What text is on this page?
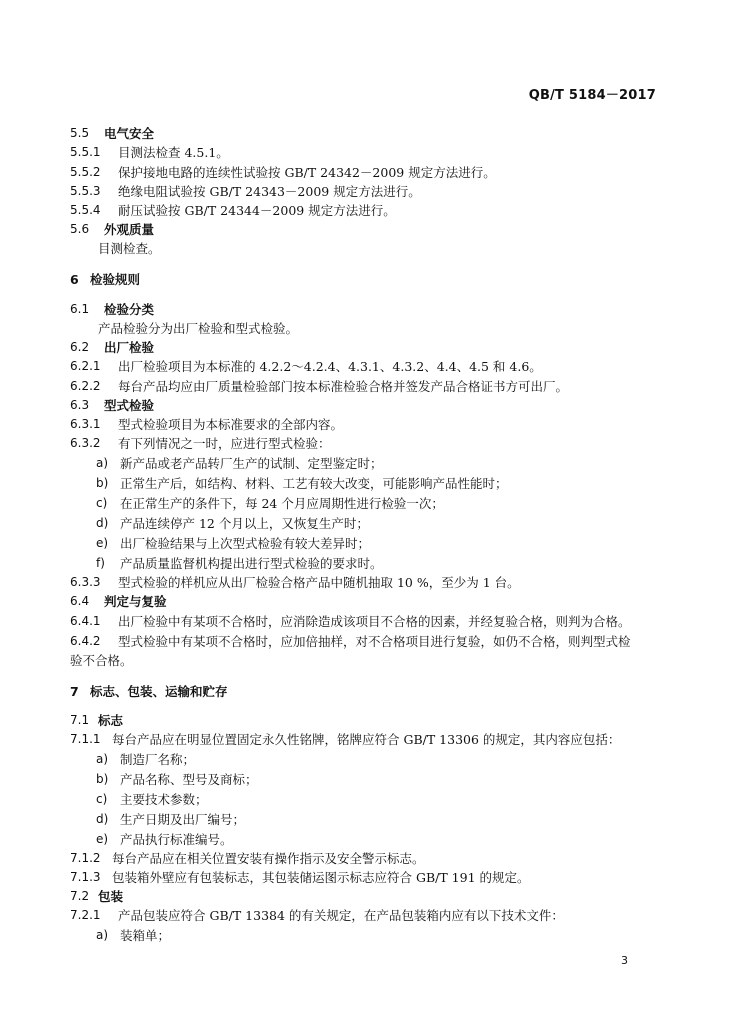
QB/T 5184－2017
5.5 电气安全
5.5.1 目测法检查 4.5.1。
5.5.2 保护接地电路的连续性试验按 GB/T 24342－2009 规定方法进行。
5.5.3 绝缘电阻试验按 GB/T 24343－2009 规定方法进行。
5.5.4 耐压试验按 GB/T 24344－2009 规定方法进行。
5.6 外观质量
目测检查。
6 检验规则
6.1 检验分类
产品检验分为出厂检验和型式检验。
6.2 出厂检验
6.2.1 出厂检验项目为本标准的 4.2.2～4.2.4、4.3.1、4.3.2、4.4、4.5 和 4.6。
6.2.2 每台产品均应由厂质量检验部门按本标准检验合格并签发产品合格证书方可出厂。
6.3 型式检验
6.3.1 型式检验项目为本标准要求的全部内容。
6.3.2 有下列情况之一时，应进行型式检验：
a) 新产品或老产品转厂生产的试制、定型鉴定时；
b) 正常生产后，如结构、材料、工艺有较大改变，可能影响产品性能时；
c) 在正常生产的条件下，每 24 个月应周期性进行检验一次；
d) 产品连续停产 12 个月以上，又恢复生产时；
e) 出厂检验结果与上次型式检验有较大差异时；
f) 产品质量监督机构提出进行型式检验的要求时。
6.3.3 型式检验的样机应从出厂检验合格产品中随机抽取 10 %，至少为 1 台。
6.4 判定与复验
6.4.1 出厂检验中有某项不合格时，应消除造成该项目不合格的因素，并经复验合格，则判为合格。
6.4.2 型式检验中有某项不合格时，应加倍抽样，对不合格项目进行复验，如仍不合格，则判型式检
验不合格。
7 标志、包装、运输和贮存
7.1 标志
7.1.1 每台产品应在明显位置固定永久性铭牌，铭牌应符合 GB/T 13306 的规定，其内容应包括：
a) 制造厂名称；
b) 产品名称、型号及商标；
c) 主要技术参数；
d) 生产日期及出厂编号；
e) 产品执行标准编号。
7.1.2 每台产品应在相关位置安装有操作指示及安全警示标志。
7.1.3 包装箱外壁应有包装标志，其包装储运图示标志应符合 GB/T 191 的规定。
7.2 包装
7.2.1 产品包装应符合 GB/T 13384 的有关规定，在产品包装箱内应有以下技术文件：
a) 装箱单；
3
